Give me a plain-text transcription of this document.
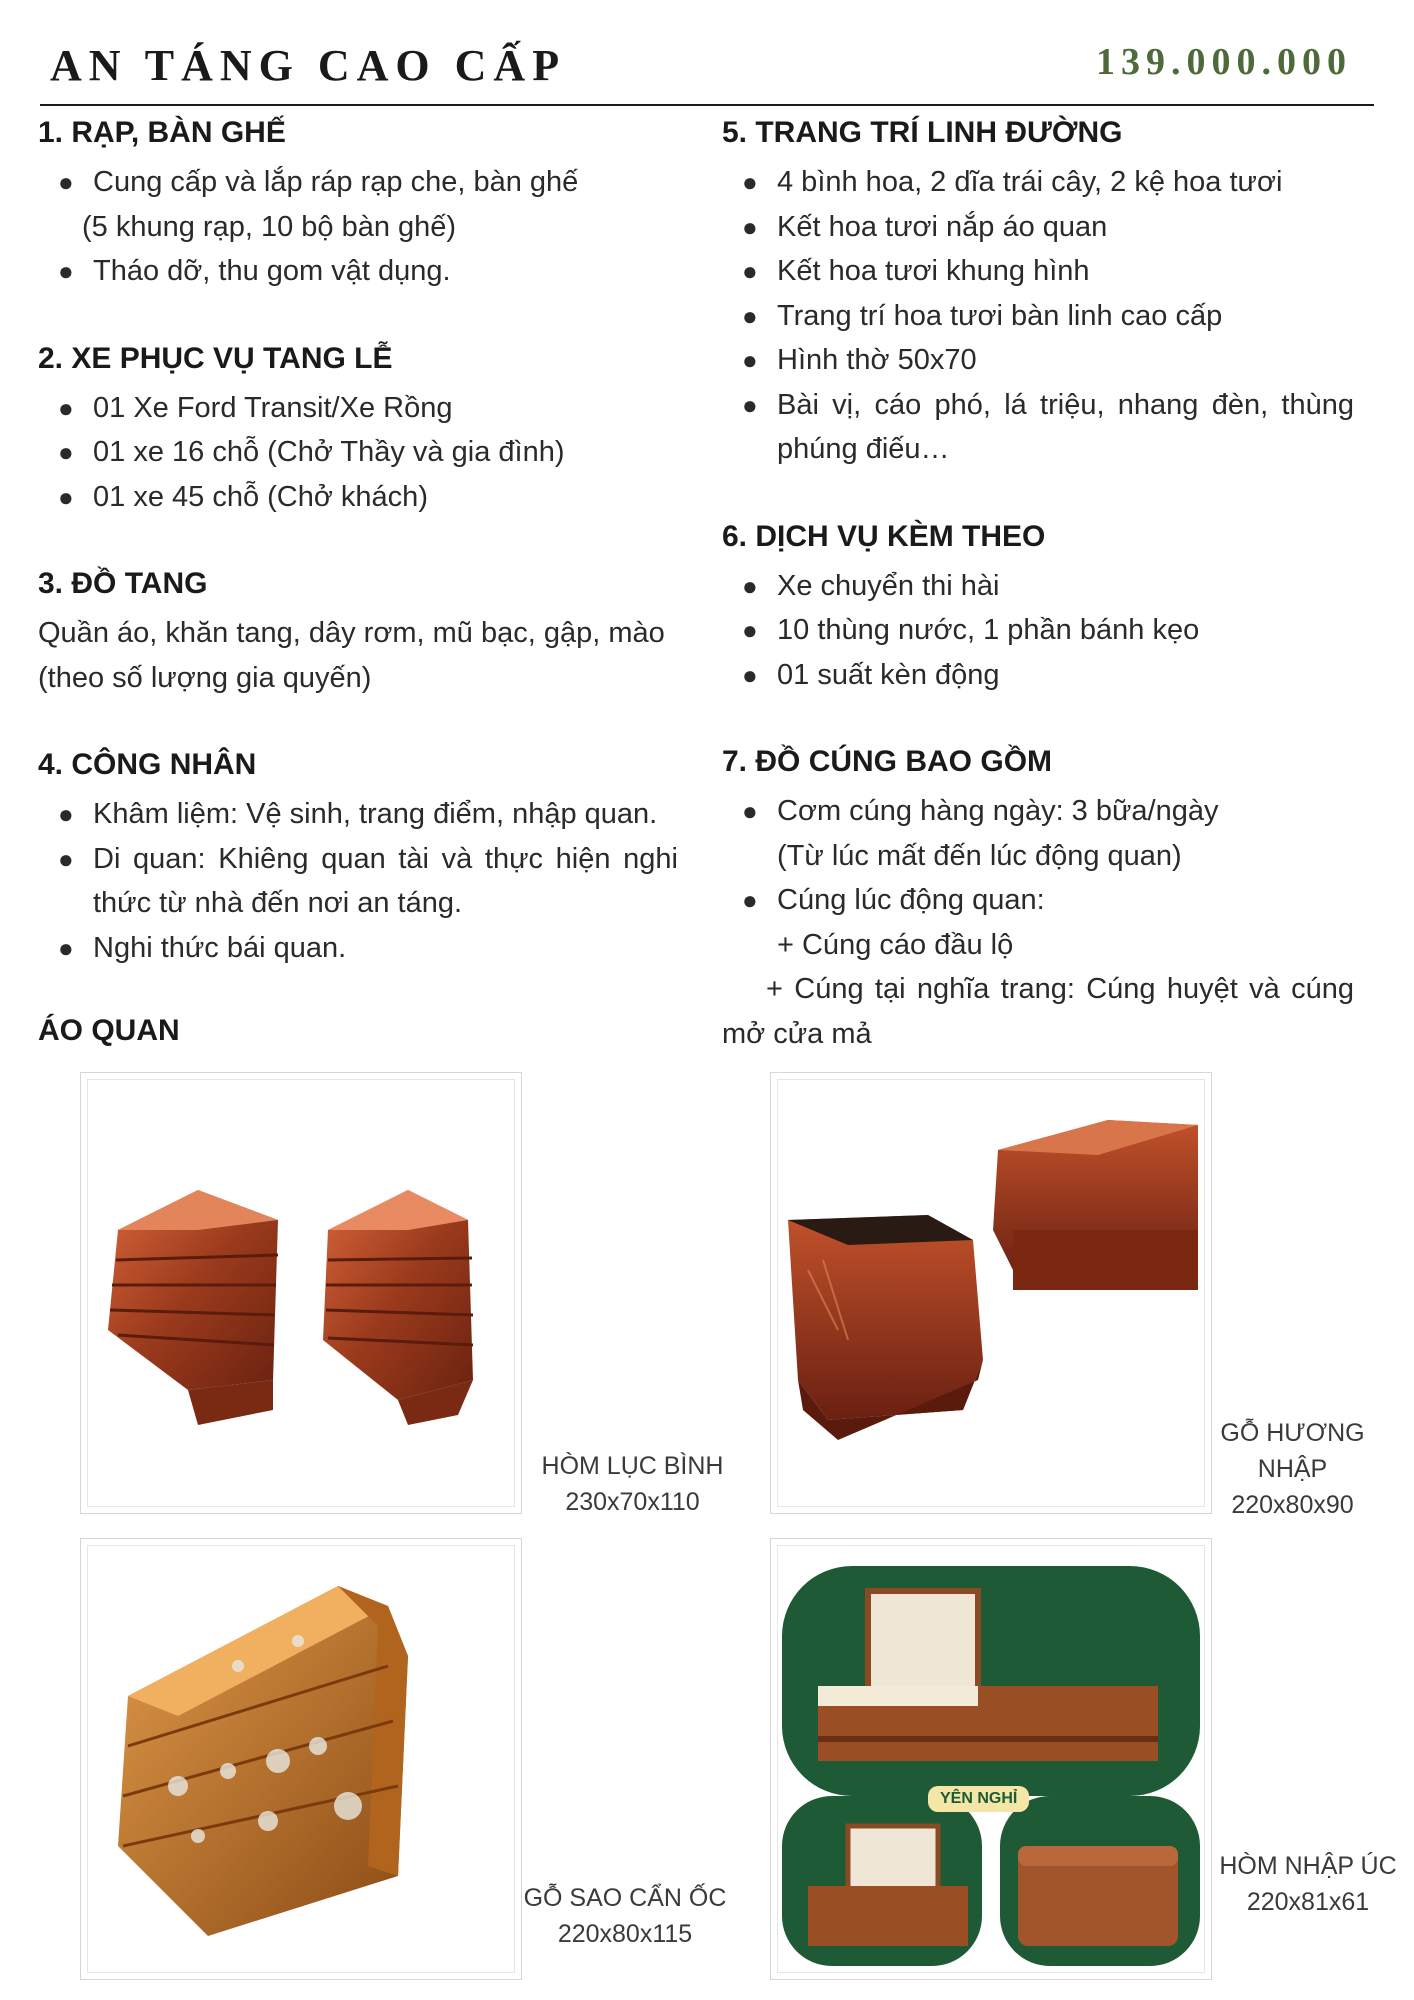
AN TÁNG CAO CẤP	139.000.000
1. RẠP, BÀN GHẾ
● Cung cấp và lắp ráp rạp che, bàn ghế
(5 khung rạp, 10 bộ bàn ghế)
● Tháo dỡ, thu gom vật dụng.
2. XE PHỤC VỤ TANG LỄ
● 01 Xe Ford Transit/Xe Rồng
● 01 xe 16 chỗ (Chở Thầy và gia đình)
● 01 xe 45 chỗ (Chở khách)
3. ĐỒ TANG
Quần áo, khăn tang, dây rơm, mũ bạc, gập, mào (theo số lượng gia quyến)
4. CÔNG NHÂN
● Khâm liệm: Vệ sinh, trang điểm, nhập quan.
● Di quan: Khiêng quan tài và thực hiện nghi thức từ nhà đến nơi an táng.
● Nghi thức bái quan.
5. TRANG TRÍ LINH ĐƯỜNG
● 4 bình hoa, 2 dĩa trái cây, 2 kệ hoa tươi
● Kết hoa tươi nắp áo quan
● Kết hoa tươi khung hình
● Trang trí hoa tươi bàn linh cao cấp
● Hình thờ 50x70
● Bài vị, cáo phó, lá triệu, nhang đèn, thùng phúng điếu…
6. DỊCH VỤ KÈM THEO
● Xe chuyển thi hài
● 10 thùng nước, 1 phần bánh kẹo
● 01 suất kèn động
7. ĐỒ CÚNG BAO GỒM
● Cơm cúng hàng ngày: 3 bữa/ngày
(Từ lúc mất đến lúc động quan)
● Cúng lúc động quan:
+ Cúng cáo đầu lộ
+ Cúng tại nghĩa trang: Cúng huyệt và cúng mở cửa mả
ÁO QUAN
HÒM LỤC BÌNH
230x70x110
GỖ HƯƠNG NHẬP
220x80x90
GỖ SAO CẨN ỐC
220x80x115
YÊN NGHỈ
HÒM NHẬP ÚC
220x81x61
